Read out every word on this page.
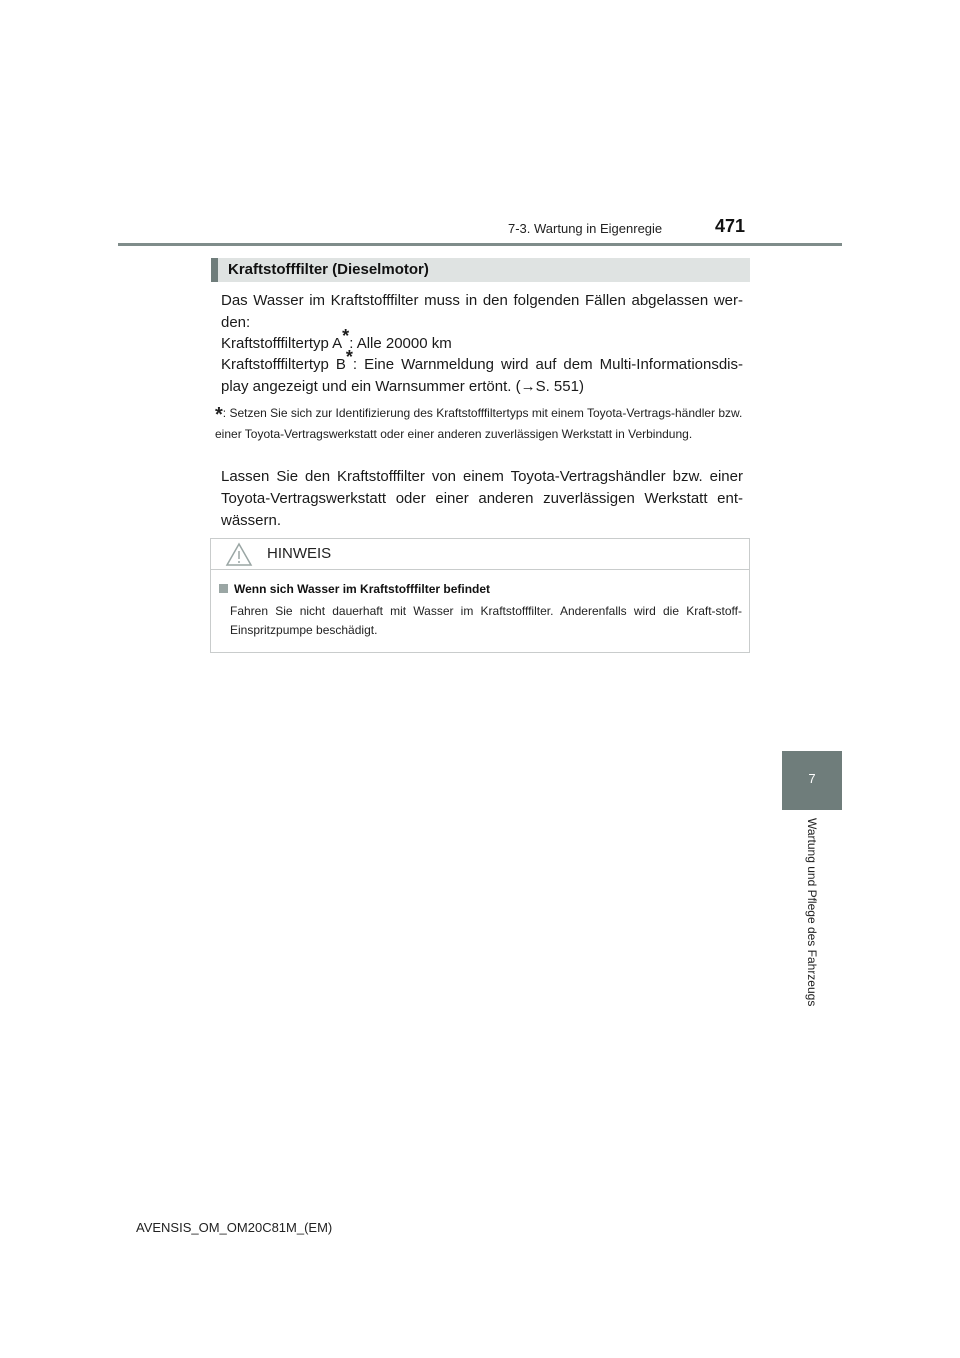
7-3. Wartung in Eigenregie	471
7
Wartung und Pflege des Fahrzeugs
Kraftstofffilter (Dieselmotor)
Das Wasser im Kraftstofffilter muss in den folgenden Fällen abgelassen wer-den:
Kraftstofffiltertyp A*: Alle 20000 km
Kraftstofffiltertyp B*: Eine Warnmeldung wird auf dem Multi-Informationsdis-play angezeigt und ein Warnsummer ertönt. (→S. 551)
*: Setzen Sie sich zur Identifizierung des Kraftstofffiltertyps mit einem Toyota-Vertrags-händler bzw. einer Toyota-Vertragswerkstatt oder einer anderen zuverlässigen Werkstatt in Verbindung.
Lassen Sie den Kraftstofffilter von einem Toyota-Vertragshändler bzw. einer Toyota-Vertragswerkstatt oder einer anderen zuverlässigen Werkstatt ent-wässern.
HINWEIS
Wenn sich Wasser im Kraftstofffilter befindet
Fahren Sie nicht dauerhaft mit Wasser im Kraftstofffilter. Anderenfalls wird die Kraft-stoff-Einspritzpumpe beschädigt.
AVENSIS_OM_OM20C81M_(EM)
